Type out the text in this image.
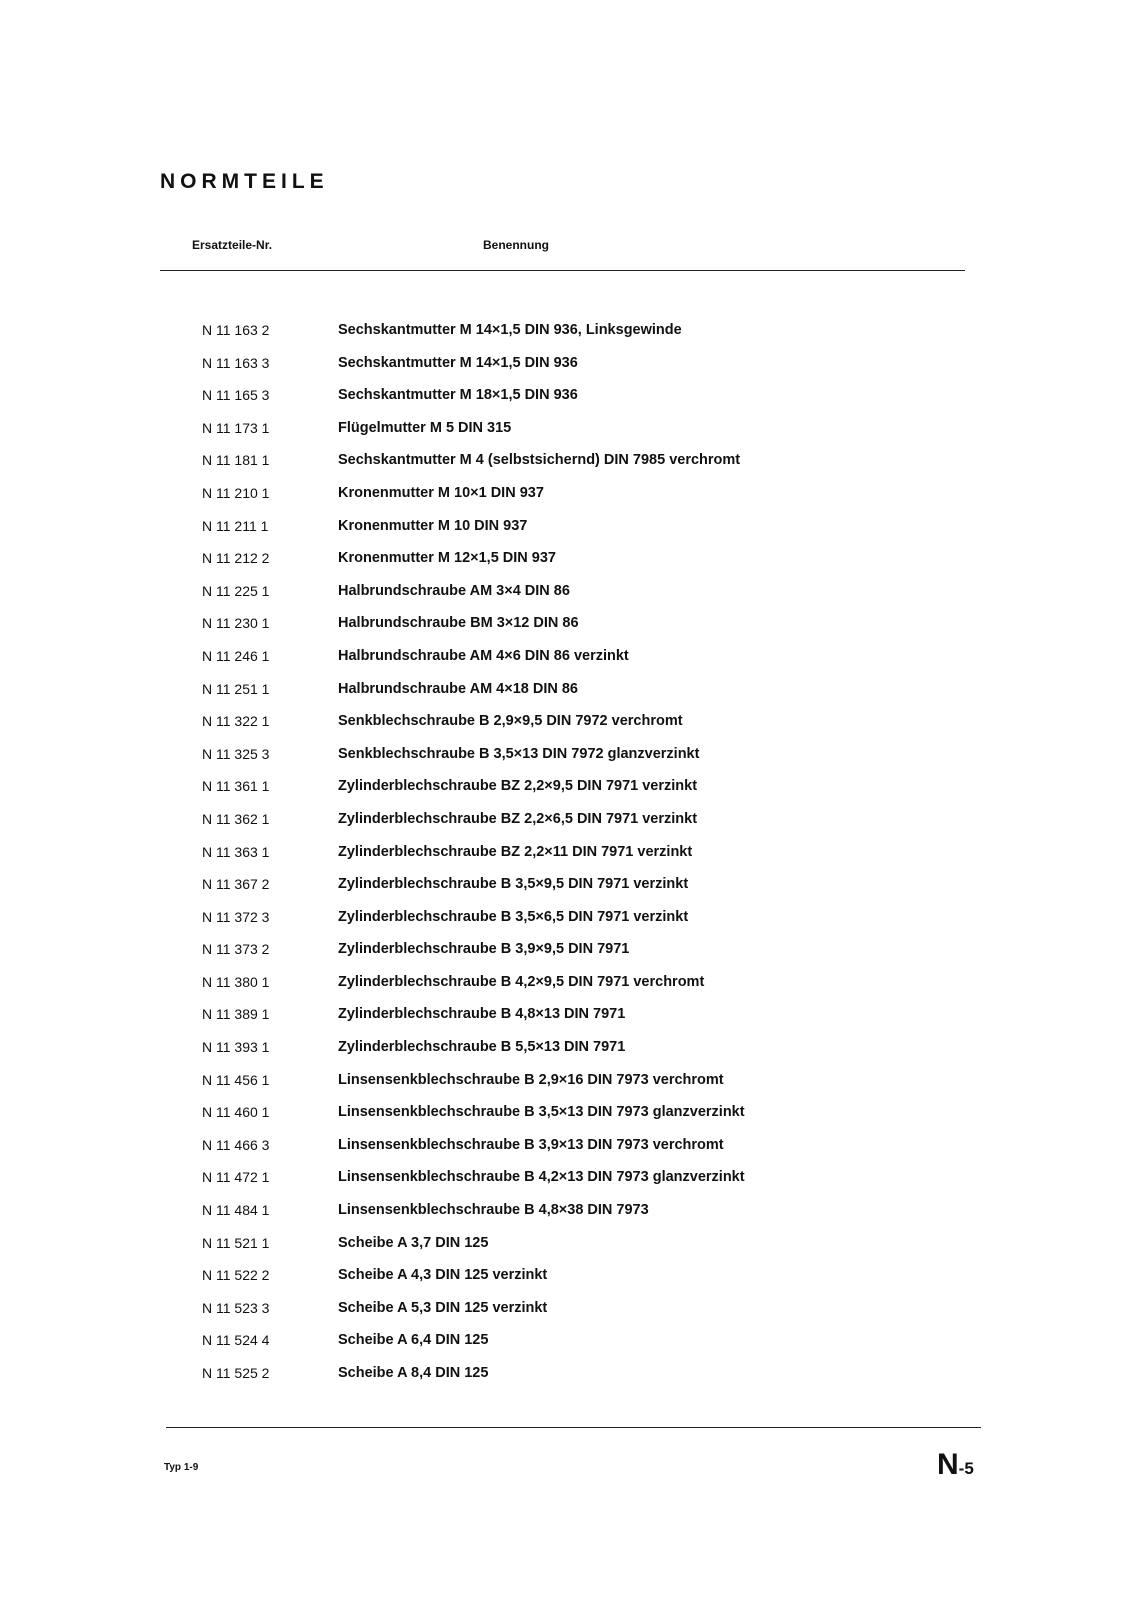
NORMTEILE
Ersatzteile-Nr.	Benennung
N 11 163 2	Sechskantmutter M 14×1,5 DIN 936, Linksgewinde
N 11 163 3	Sechskantmutter M 14×1,5 DIN 936
N 11 165 3	Sechskantmutter M 18×1,5 DIN 936
N 11 173 1	Flügelmutter M 5 DIN 315
N 11 181 1	Sechskantmutter M 4 (selbstsichernd) DIN 7985 verchromt
N 11 210 1	Kronenmutter M 10×1 DIN 937
N 11 211 1	Kronenmutter M 10 DIN 937
N 11 212 2	Kronenmutter M 12×1,5 DIN 937
N 11 225 1	Halbrundschraube AM 3×4 DIN 86
N 11 230 1	Halbrundschraube BM 3×12 DIN 86
N 11 246 1	Halbrundschraube AM 4×6 DIN 86 verzinkt
N 11 251 1	Halbrundschraube AM 4×18 DIN 86
N 11 322 1	Senkblechschraube B 2,9×9,5 DIN 7972 verchromt
N 11 325 3	Senkblechschraube B 3,5×13 DIN 7972 glanzverzinkt
N 11 361 1	Zylinderblechschraube BZ 2,2×9,5 DIN 7971 verzinkt
N 11 362 1	Zylinderblechschraube BZ 2,2×6,5 DIN 7971 verzinkt
N 11 363 1	Zylinderblechschraube BZ 2,2×11 DIN 7971 verzinkt
N 11 367 2	Zylinderblechschraube B 3,5×9,5 DIN 7971 verzinkt
N 11 372 3	Zylinderblechschraube B 3,5×6,5 DIN 7971 verzinkt
N 11 373 2	Zylinderblechschraube B 3,9×9,5 DIN 7971
N 11 380 1	Zylinderblechschraube B 4,2×9,5 DIN 7971 verchromt
N 11 389 1	Zylinderblechschraube B 4,8×13 DIN 7971
N 11 393 1	Zylinderblechschraube B 5,5×13 DIN 7971
N 11 456 1	Linsensenkblechschraube B 2,9×16 DIN 7973 verchromt
N 11 460 1	Linsensenkblechschraube B 3,5×13 DIN 7973 glanzverzinkt
N 11 466 3	Linsensenkblechschraube B 3,9×13 DIN 7973 verchromt
N 11 472 1	Linsensenkblechschraube B 4,2×13 DIN 7973 glanzverzinkt
N 11 484 1	Linsensenkblechschraube B 4,8×38 DIN 7973
N 11 521 1	Scheibe A 3,7 DIN 125
N 11 522 2	Scheibe A 4,3 DIN 125 verzinkt
N 11 523 3	Scheibe A 5,3 DIN 125 verzinkt
N 11 524 4	Scheibe A 6,4 DIN 125
N 11 525 2	Scheibe A 8,4 DIN 125
Typ 1-9	N-5
